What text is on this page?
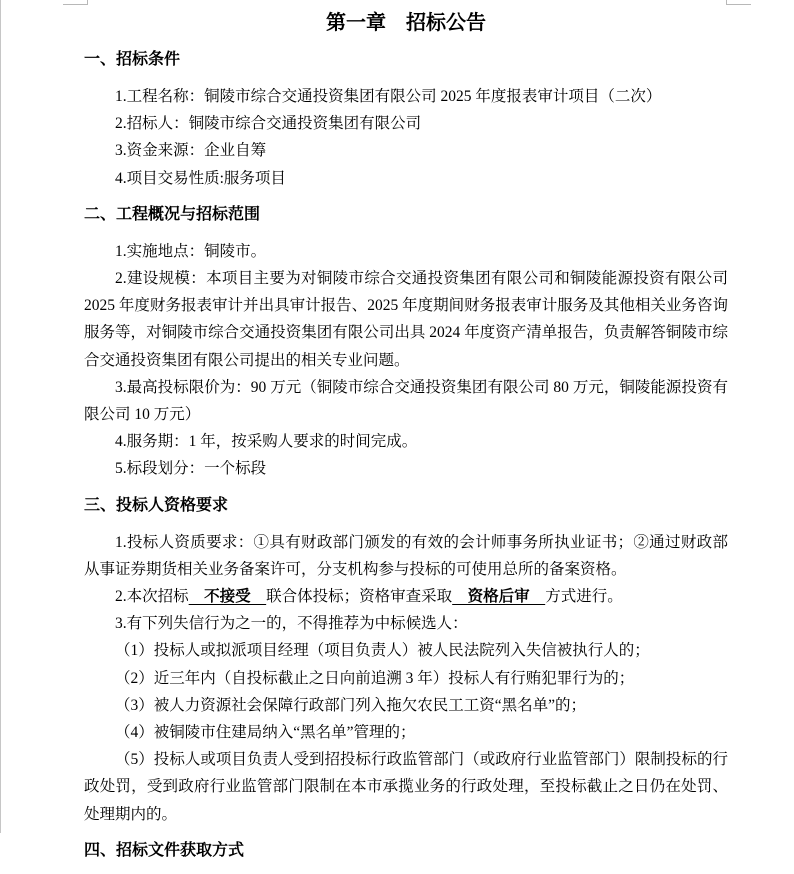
第一章　招标公告
一、招标条件

1.工程名称：铜陵市综合交通投资集团有限公司 2025 年度报表审计项目（二次）

2.招标人：铜陵市综合交通投资集团有限公司

3.资金来源：企业自筹

4.项目交易性质:服务项目

二、工程概况与招标范围

1.实施地点：铜陵市。

2.建设规模：本项目主要为对铜陵市综合交通投资集团有限公司和铜陵能源投资有限公司 2025 年度财务报表审计并出具审计报告、2025 年度期间财务报表审计服务及其他相关业务咨询服务等，对铜陵市综合交通投资集团有限公司出具 2024 年度资产清单报告，负责解答铜陵市综合交通投资集团有限公司提出的相关专业问题。

3.最高投标限价为：90 万元（铜陵市综合交通投资集团有限公司 80 万元，铜陵能源投资有限公司 10 万元）

4.服务期：1 年，按采购人要求的时间完成。

5.标段划分：一个标段

三、投标人资格要求

1.投标人资质要求：①具有财政部门颁发的有效的会计师事务所执业证书；②通过财政部从事证券期货相关业务备案许可，分支机构参与投标的可使用总所的备案资格。

2.本次招标　不接受　联合体投标；资格审查采取　资格后审　方式进行。

3.有下列失信行为之一的，不得推荐为中标候选人：

（1）投标人或拟派项目经理（项目负责人）被人民法院列入失信被执行人的；

（2）近三年内（自投标截止之日向前追溯 3 年）投标人有行贿犯罪行为的；

（3）被人力资源社会保障行政部门列入拖欠农民工工资“黑名单”的；

（4）被铜陵市住建局纳入“黑名单”管理的；

（5）投标人或项目负责人受到招投标行政监管部门（或政府行业监管部门）限制投标的行政处罚，受到政府行业监管部门限制在本市承揽业务的行政处理，至投标截止之日仍在处罚、处理期内的。

四、招标文件获取方式
